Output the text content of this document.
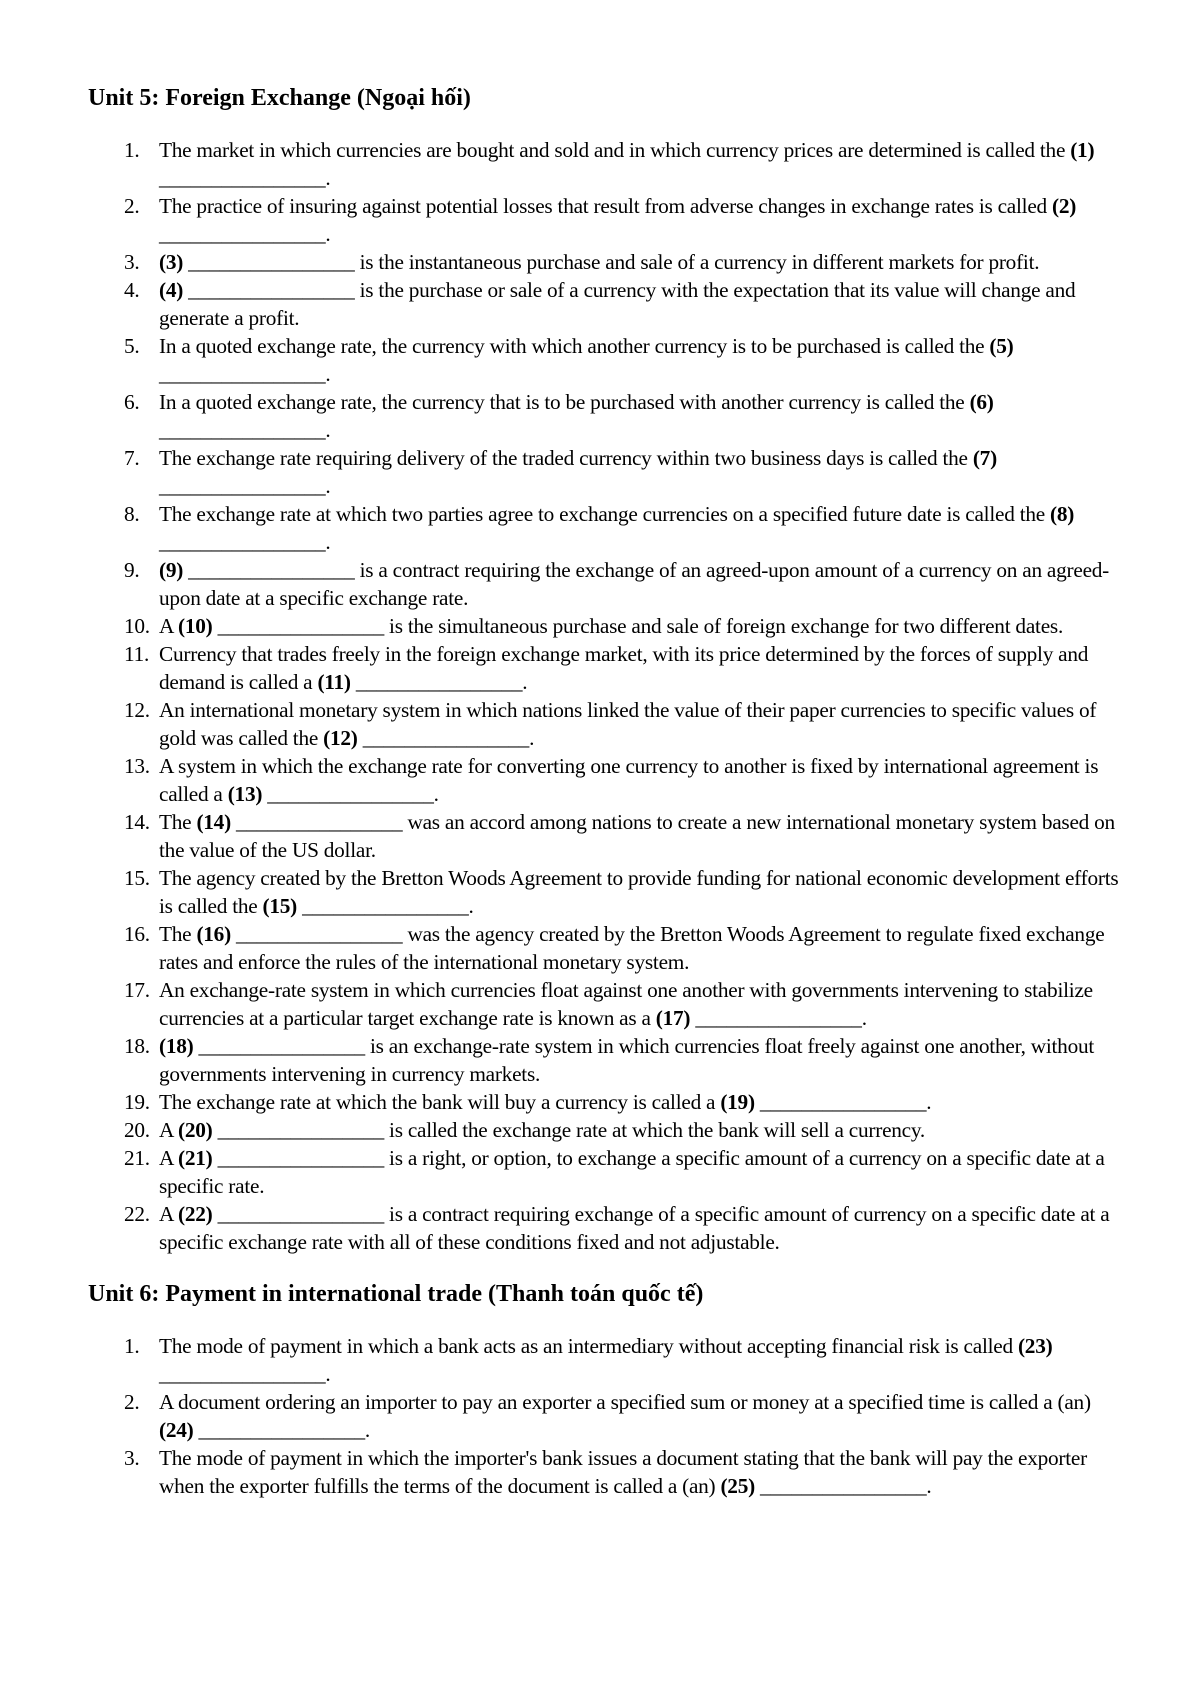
Unit 5: Foreign Exchange (Ngoại hối)
1. The market in which currencies are bought and sold and in which currency prices are determined is called the (1) ________________.
2. The practice of insuring against potential losses that result from adverse changes in exchange rates is called (2) ________________.
3. (3) ________________ is the instantaneous purchase and sale of a currency in different markets for profit.
4. (4) ________________ is the purchase or sale of a currency with the expectation that its value will change and generate a profit.
5. In a quoted exchange rate, the currency with which another currency is to be purchased is called the (5) ________________.
6. In a quoted exchange rate, the currency that is to be purchased with another currency is called the (6) ________________.
7. The exchange rate requiring delivery of the traded currency within two business days is called the (7) ________________.
8. The exchange rate at which two parties agree to exchange currencies on a specified future date is called the (8) ________________.
9. (9) ________________ is a contract requiring the exchange of an agreed-upon amount of a currency on an agreed-upon date at a specific exchange rate.
10. A (10) ________________ is the simultaneous purchase and sale of foreign exchange for two different dates.
11. Currency that trades freely in the foreign exchange market, with its price determined by the forces of supply and demand is called a (11) ________________.
12. An international monetary system in which nations linked the value of their paper currencies to specific values of gold was called the (12) ________________.
13. A system in which the exchange rate for converting one currency to another is fixed by international agreement is called a (13) ________________.
14. The (14) ________________ was an accord among nations to create a new international monetary system based on the value of the US dollar.
15. The agency created by the Bretton Woods Agreement to provide funding for national economic development efforts is called the (15) ________________.
16. The (16) ________________ was the agency created by the Bretton Woods Agreement to regulate fixed exchange rates and enforce the rules of the international monetary system.
17. An exchange-rate system in which currencies float against one another with governments intervening to stabilize currencies at a particular target exchange rate is known as a (17) ________________.
18. (18) ________________ is an exchange-rate system in which currencies float freely against one another, without governments intervening in currency markets.
19. The exchange rate at which the bank will buy a currency is called a (19) ________________.
20. A (20) ________________ is called the exchange rate at which the bank will sell a currency.
21. A (21) ________________ is a right, or option, to exchange a specific amount of a currency on a specific date at a specific rate.
22. A (22) ________________ is a contract requiring exchange of a specific amount of currency on a specific date at a specific exchange rate with all of these conditions fixed and not adjustable.
Unit 6: Payment in international trade (Thanh toán quốc tế)
1. The mode of payment in which a bank acts as an intermediary without accepting financial risk is called (23) ________________.
2. A document ordering an importer to pay an exporter a specified sum or money at a specified time is called a (an) (24) ________________.
3. The mode of payment in which the importer's bank issues a document stating that the bank will pay the exporter when the exporter fulfills the terms of the document is called a (an) (25) ________________.
